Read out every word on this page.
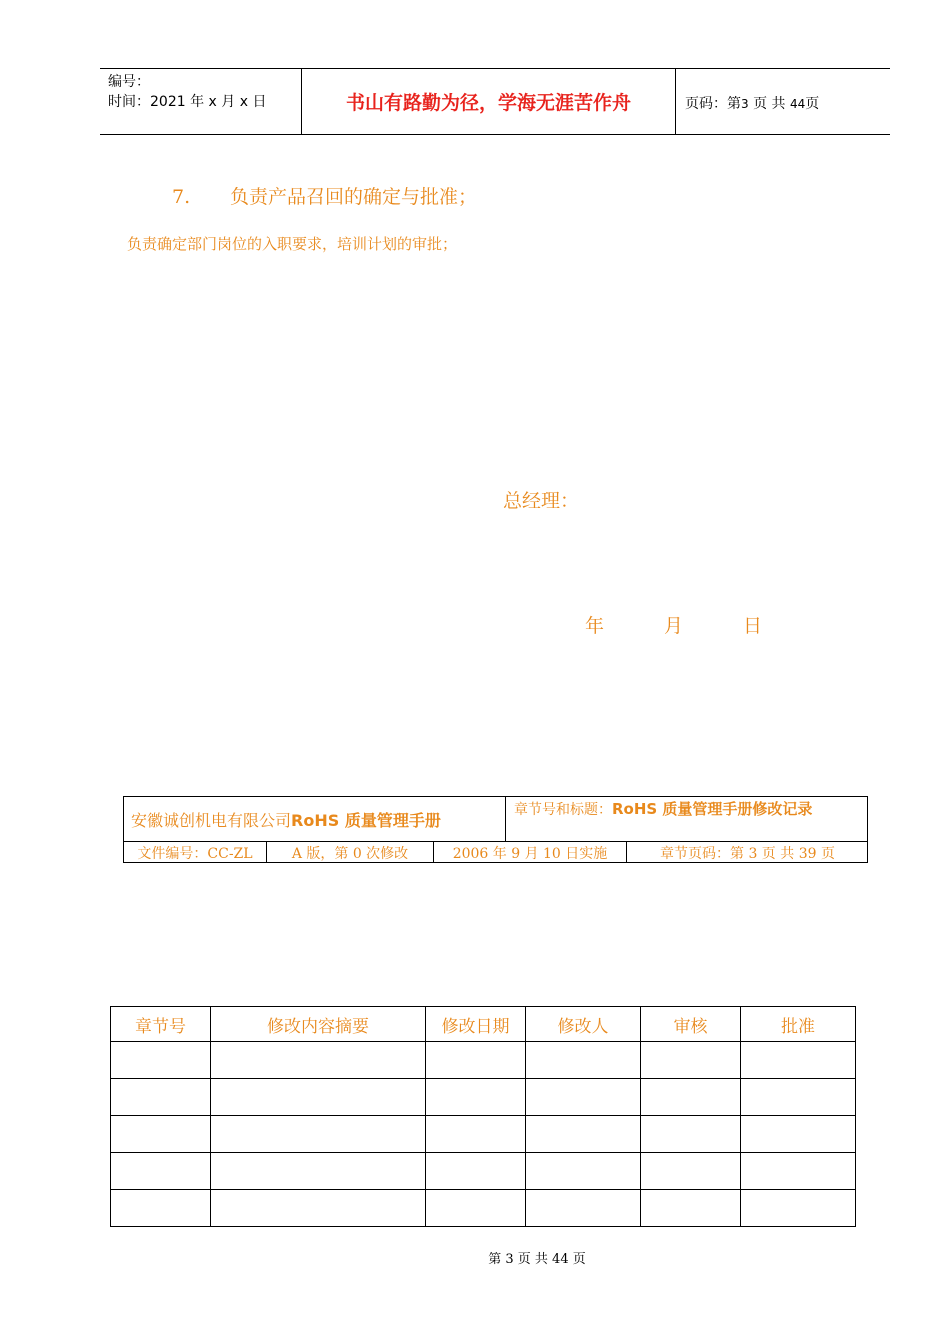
编号：
时间：2021 年 x 月 x 日	书山有路勤为径，学海无涯苦作舟	页码：第3 页 共 44页
7. 负责产品召回的确定与批准；
负责确定部门岗位的入职要求，培训计划的审批；
总经理：
年	月	日
安徽诚创机电有限公司RoHS 质量管理手册
章节号和标题：RoHS 质量管理手册修改记录
文件编号：CC-ZL	A 版，第 0 次修改	2006 年 9 月 10 日实施	章节页码：第 3 页 共 39 页
章节号	修改内容摘要	修改日期	修改人	审核	批准

第 3 页 共 44 页
